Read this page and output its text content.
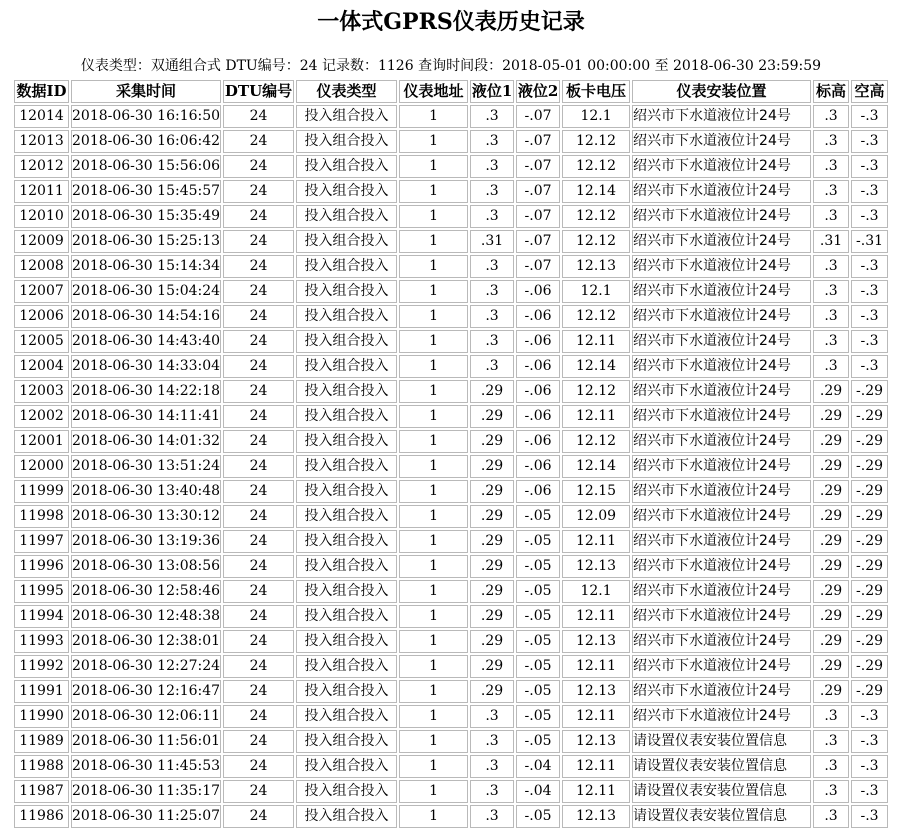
一体式GPRS仪表历史记录
仪表类型：双通组合式 DTU编号：24 记录数：1126 查询时间段：2018-05-01 00:00:00 至 2018-06-30 23:59:59
数据ID	采集时间	DTU编号	仪表类型	仪表地址	液位1	液位2	板卡电压	仪表安装位置	标高	空高
12014	2018-06-30 16:16:50	24	投入组合投入	1	.3	-.07	12.1	绍兴市下水道液位计24号	.3	-.3
12013	2018-06-30 16:06:42	24	投入组合投入	1	.3	-.07	12.12	绍兴市下水道液位计24号	.3	-.3
12012	2018-06-30 15:56:06	24	投入组合投入	1	.3	-.07	12.12	绍兴市下水道液位计24号	.3	-.3
12011	2018-06-30 15:45:57	24	投入组合投入	1	.3	-.07	12.14	绍兴市下水道液位计24号	.3	-.3
12010	2018-06-30 15:35:49	24	投入组合投入	1	.3	-.07	12.12	绍兴市下水道液位计24号	.3	-.3
12009	2018-06-30 15:25:13	24	投入组合投入	1	.31	-.07	12.12	绍兴市下水道液位计24号	.31	-.31
12008	2018-06-30 15:14:34	24	投入组合投入	1	.3	-.07	12.13	绍兴市下水道液位计24号	.3	-.3
12007	2018-06-30 15:04:24	24	投入组合投入	1	.3	-.06	12.1	绍兴市下水道液位计24号	.3	-.3
12006	2018-06-30 14:54:16	24	投入组合投入	1	.3	-.06	12.12	绍兴市下水道液位计24号	.3	-.3
12005	2018-06-30 14:43:40	24	投入组合投入	1	.3	-.06	12.11	绍兴市下水道液位计24号	.3	-.3
12004	2018-06-30 14:33:04	24	投入组合投入	1	.3	-.06	12.14	绍兴市下水道液位计24号	.3	-.3
12003	2018-06-30 14:22:18	24	投入组合投入	1	.29	-.06	12.12	绍兴市下水道液位计24号	.29	-.29
12002	2018-06-30 14:11:41	24	投入组合投入	1	.29	-.06	12.11	绍兴市下水道液位计24号	.29	-.29
12001	2018-06-30 14:01:32	24	投入组合投入	1	.29	-.06	12.12	绍兴市下水道液位计24号	.29	-.29
12000	2018-06-30 13:51:24	24	投入组合投入	1	.29	-.06	12.14	绍兴市下水道液位计24号	.29	-.29
11999	2018-06-30 13:40:48	24	投入组合投入	1	.29	-.06	12.15	绍兴市下水道液位计24号	.29	-.29
11998	2018-06-30 13:30:12	24	投入组合投入	1	.29	-.05	12.09	绍兴市下水道液位计24号	.29	-.29
11997	2018-06-30 13:19:36	24	投入组合投入	1	.29	-.05	12.11	绍兴市下水道液位计24号	.29	-.29
11996	2018-06-30 13:08:56	24	投入组合投入	1	.29	-.05	12.13	绍兴市下水道液位计24号	.29	-.29
11995	2018-06-30 12:58:46	24	投入组合投入	1	.29	-.05	12.1	绍兴市下水道液位计24号	.29	-.29
11994	2018-06-30 12:48:38	24	投入组合投入	1	.29	-.05	12.11	绍兴市下水道液位计24号	.29	-.29
11993	2018-06-30 12:38:01	24	投入组合投入	1	.29	-.05	12.13	绍兴市下水道液位计24号	.29	-.29
11992	2018-06-30 12:27:24	24	投入组合投入	1	.29	-.05	12.11	绍兴市下水道液位计24号	.29	-.29
11991	2018-06-30 12:16:47	24	投入组合投入	1	.29	-.05	12.13	绍兴市下水道液位计24号	.29	-.29
11990	2018-06-30 12:06:11	24	投入组合投入	1	.3	-.05	12.11	绍兴市下水道液位计24号	.3	-.3
11989	2018-06-30 11:56:01	24	投入组合投入	1	.3	-.05	12.13	请设置仪表安装位置信息	.3	-.3
11988	2018-06-30 11:45:53	24	投入组合投入	1	.3	-.04	12.11	请设置仪表安装位置信息	.3	-.3
11987	2018-06-30 11:35:17	24	投入组合投入	1	.3	-.04	12.11	请设置仪表安装位置信息	.3	-.3
11986	2018-06-30 11:25:07	24	投入组合投入	1	.3	-.05	12.13	请设置仪表安装位置信息	.3	-.3
